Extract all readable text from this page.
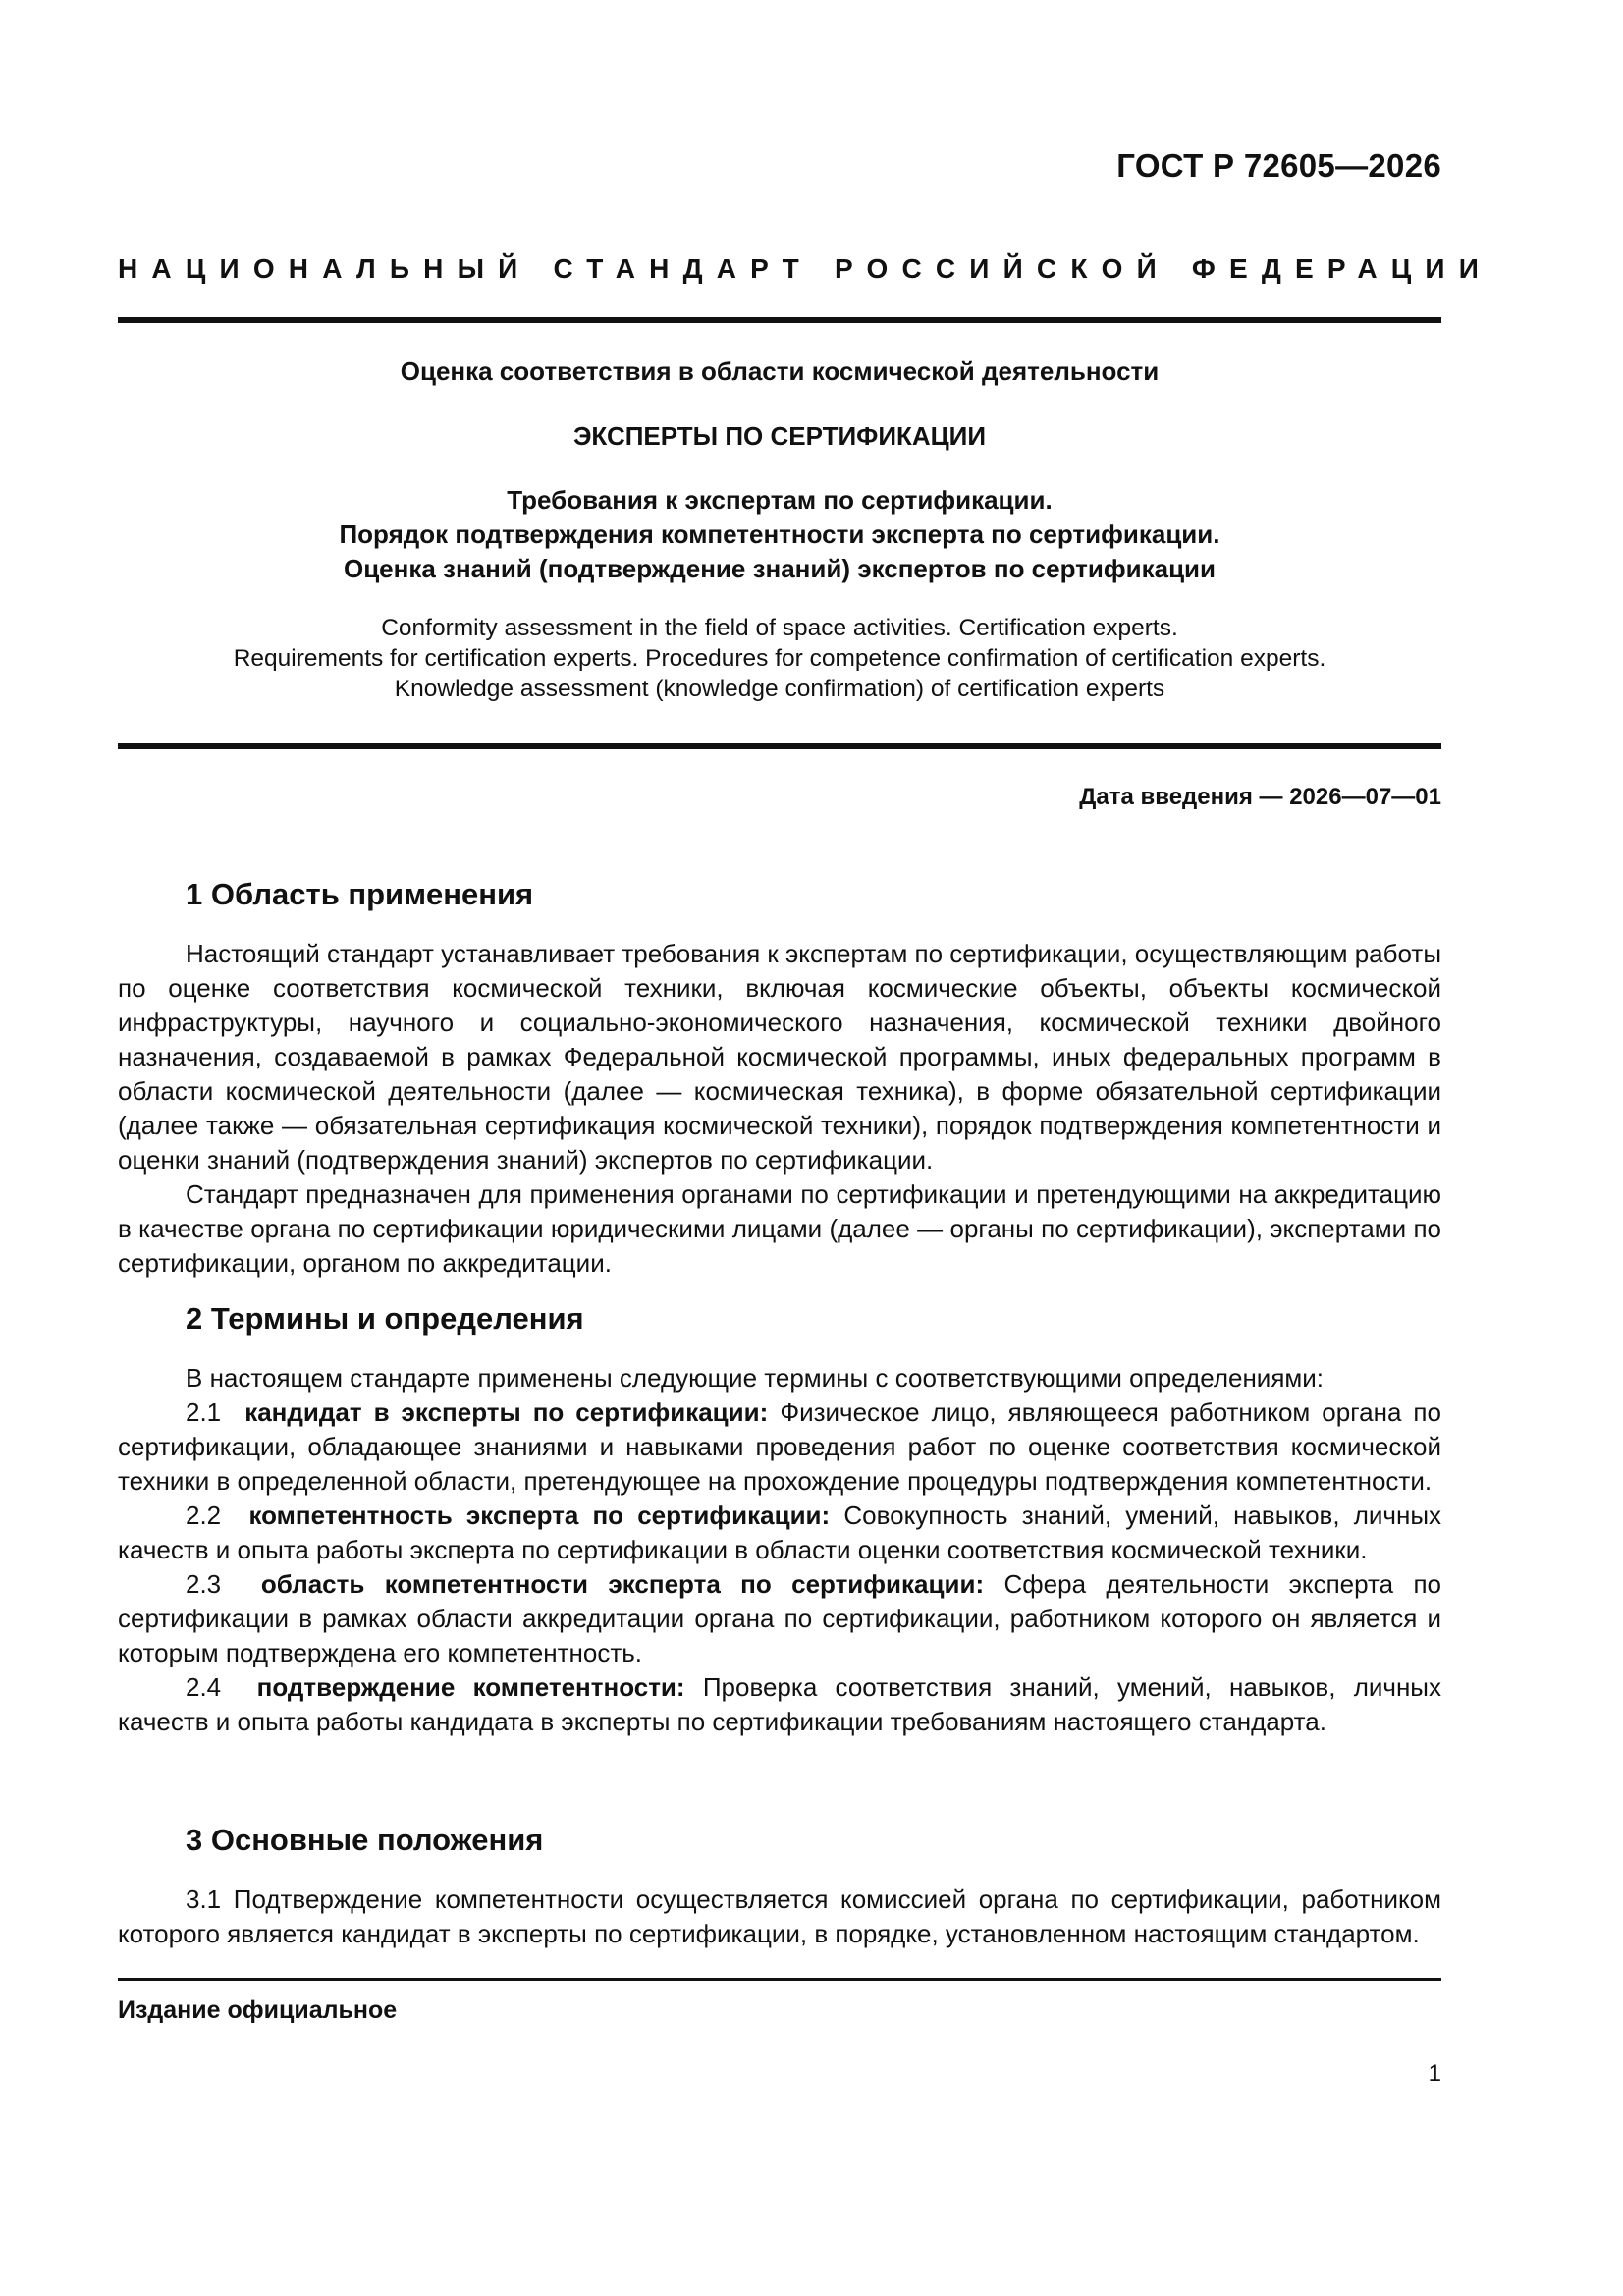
ГОСТ Р 72605—2026
НАЦИОНАЛЬНЫЙ СТАНДАРТ РОССИЙСКОЙ ФЕДЕРАЦИИ
Оценка соответствия в области космической деятельности
ЭКСПЕРТЫ ПО СЕРТИФИКАЦИИ
Требования к экспертам по сертификации.
Порядок подтверждения компетентности эксперта по сертификации.
Оценка знаний (подтверждение знаний) экспертов по сертификации
Conformity assessment in the field of space activities. Certification experts.
Requirements for certification experts. Procedures for competence confirmation of certification experts.
Knowledge assessment (knowledge confirmation) of certification experts
Дата введения — 2026—07—01
1 Область применения

Настоящий стандарт устанавливает требования к экспертам по сертификации, осуществляющим работы по оценке соответствия космической техники, включая космические объекты, объекты космической инфраструктуры, научного и социально-экономического назначения, космической техники двойного назначения, создаваемой в рамках Федеральной космической программы, иных федеральных программ в области космической деятельности (далее — космическая техника), в форме обязательной сертификации (далее также — обязательная сертификация космической техники), порядок подтверждения компетентности и оценки знаний (подтверждения знаний) экспертов по сертификации.

Стандарт предназначен для применения органами по сертификации и претендующими на аккредитацию в качестве органа по сертификации юридическими лицами (далее — органы по сертификации), экспертами по сертификации, органом по аккредитации.

2 Термины и определения

В настоящем стандарте применены следующие термины с соответствующими определениями:

2.1 кандидат в эксперты по сертификации: Физическое лицо, являющееся работником органа по сертификации, обладающее знаниями и навыками проведения работ по оценке соответствия космической техники в определенной области, претендующее на прохождение процедуры подтверждения компетентности.

2.2 компетентность эксперта по сертификации: Совокупность знаний, умений, навыков, личных качеств и опыта работы эксперта по сертификации в области оценки соответствия космической техники.

2.3 область компетентности эксперта по сертификации: Сфера деятельности эксперта по сертификации в рамках области аккредитации органа по сертификации, работником которого он является и которым подтверждена его компетентность.

2.4 подтверждение компетентности: Проверка соответствия знаний, умений, навыков, личных качеств и опыта работы кандидата в эксперты по сертификации требованиям настоящего стандарта.

3 Основные положения

3.1 Подтверждение компетентности осуществляется комиссией органа по сертификации, работником которого является кандидат в эксперты по сертификации, в порядке, установленном настоящим стандартом.

Издание официальное
1
